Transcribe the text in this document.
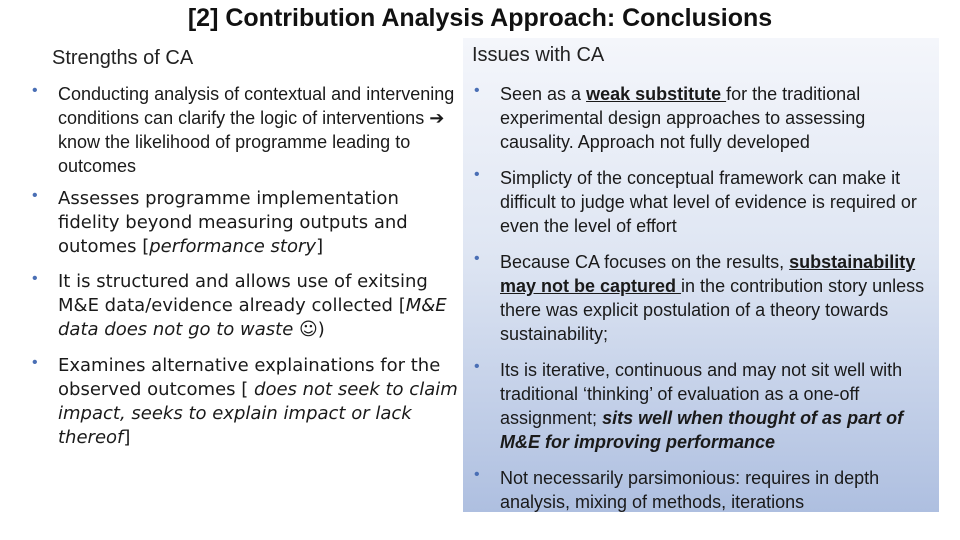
[2] Contribution Analysis Approach: Conclusions
Strengths of CA	Issues with CA
•	Conducting analysis of contextual and intervening conditions can clarify the logic of interventions ➔ know the likelihood of programme leading to outcomes
•	Assesses programme implementation fidelity beyond measuring outputs and outomes [performance story]
•	It is structured and allows use of exitsing M&E data/evidence already collected [M&E data does not go to waste ☺)
•	Examines alternative explainations for the observed outcomes [ does not seek to claim impact, seeks to explain impact or lack thereof]
•	Seen as a weak substitute for the traditional experimental design approaches to assessing causality. Approach not fully developed
•	Simplicty of the conceptual framework can make it difficult to judge what level of evidence is required or even the level of effort
•	Because CA focuses on the results, substainability may not be captured in the contribution story unless there was explicit postulation of a theory towards sustainability;
•	Its is iterative, continuous and may not sit well with traditional ‘thinking’ of evaluation as a one-off assignment; sits well when thought of as part of M&E for improving performance
•	Not necessarily parsimonious: requires in depth analysis, mixing of methods, iterations
